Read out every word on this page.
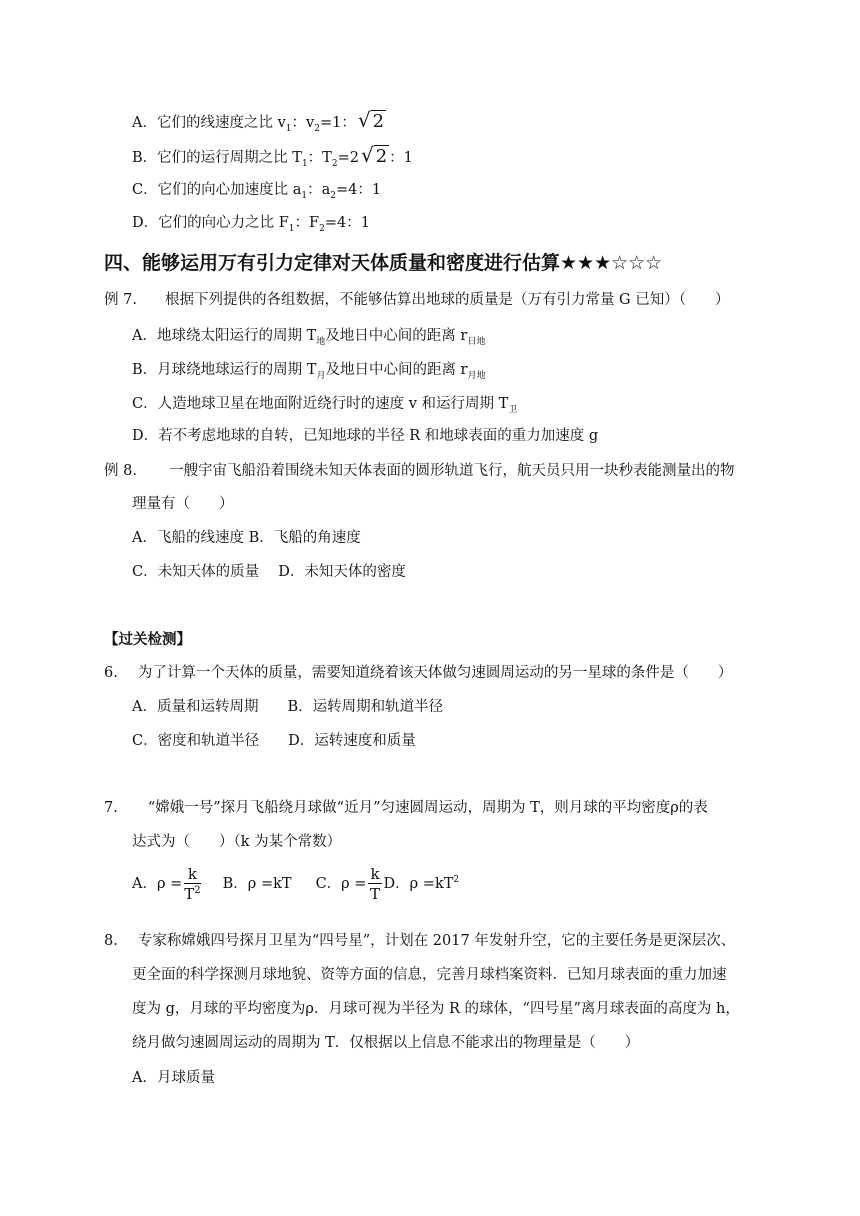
A．它们的线速度之比 $v_1$：$v_2=1$： √ 2
B．它们的运行周期之比 $T_1$：$T_2=2$ √ 2 ：1
C．它们的向心加速度比 $a_1$：$a_2=4$：1
D．它们的向心力之比 $F_1$：$F_2=4$：1
四、能够运用万有引力定律对天体质量和密度进行估算★★★☆☆☆
例 7. 根据下列提供的各组数据，不能够估算出地球的质量是（万有引力常量 G 已知）（　　）
A．地球绕太阳运行的周期 $T_地$及地日中心间的距离 $r_{日地}$
B．月球绕地球运行的周期 $T_月$及地日中心间的距离 $r_{月地}$
C．人造地球卫星在地面附近绕行时的速度 v 和运行周期 $T_卫$
D．若不考虑地球的自转，已知地球的半径 R 和地球表面的重力加速度 g
例 8. 一艘宇宙飞船沿着围绕未知天体表面的圆形轨道飞行，航天员只用一块秒表能测量出的物
理量有（　　）
A．飞船的线速度 B．飞船的角速度
C．未知天体的质量　 D．未知天体的密度
【过关检测】
6. 为了计算一个天体的质量，需要知道绕着该天体做匀速圆周运动的另一星球的条件是（　　）
A．质量和运转周期　　B．运转周期和轨道半径
C．密度和轨道半径　　D．运转速度和质量
7. “嫦娥一号”探月飞船绕月球做“近月”匀速圆周运动，周期为 T，则月球的平均密度ρ的表
达式为（　　）（k 为某个常数）
A．$\rho = \frac{k}{T^2}$ B．ρ =kT C．$\rho = \frac{k}{T}$ D．$\rho =kT^2$
8. 专家称嫦娥四号探月卫星为“四号星”，计划在 2017 年发射升空，它的主要任务是更深层次、
更全面的科学探测月球地貌、资等方面的信息，完善月球档案资料．已知月球表面的重力加速
度为 g，月球的平均密度为ρ．月球可视为半径为 R 的球体，“四号星”离月球表面的高度为 h，
绕月做匀速圆周运动的周期为 T．仅根据以上信息不能求出的物理量是（　　）
A．月球质量
